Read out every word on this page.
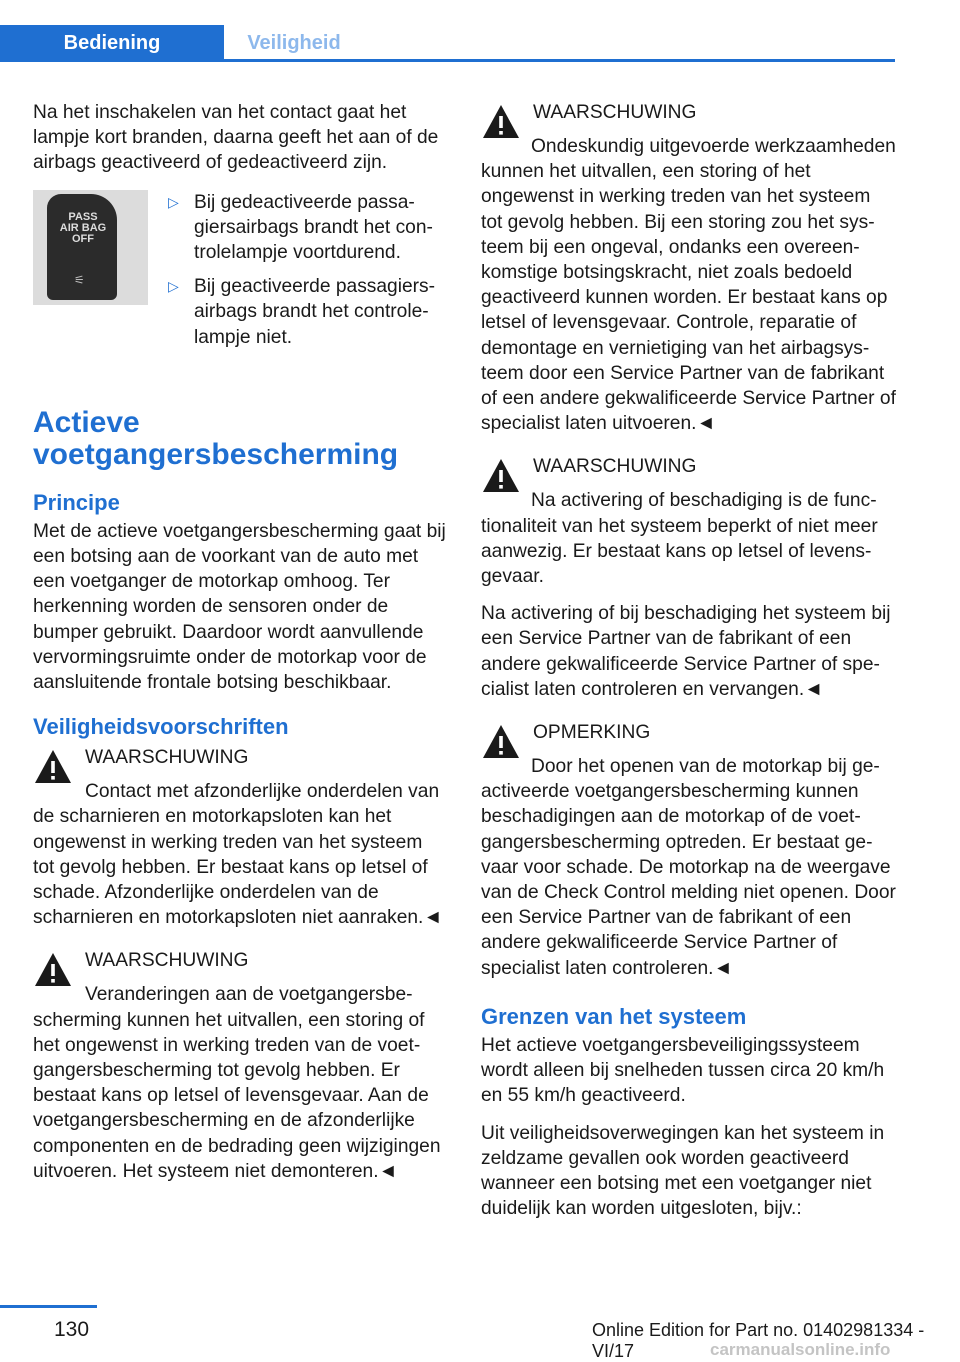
Bediening	Veiligheid

Na het inschakelen van het contact gaat het lampje kort branden, daarna geeft het aan of de airbags geactiveerd of gedeactiveerd zijn.

PASS
AIR BAG
OFF
⚟
▷ Bij gedeactiveerde passagiersairbags brandt het controlelampje voortdurend.
▷ Bij geactiveerde passagiersairbags brandt het controlelampje niet.
Actieve voetgangersbescherming
Principe

Met de actieve voetgangersbescherming gaat bij een botsing aan de voorkant van de auto met een voetganger de motorkap omhoog. Ter herkenning worden de sensoren onder de bumper gebruikt. Daardoor wordt aanvullende vervormingsruimte onder de motorkap voor de aansluitende frontale botsing beschikbaar.

Veiligheidsvoorschriften
WAARSCHUWING
Contact met afzonderlijke onderdelen van de scharnieren en motorkapsloten kan het ongewenst in werking treden van het systeem tot gevolg hebben. Er bestaat kans op letsel of schade. Afzonderlijke onderdelen van de scharnieren en motorkapsloten niet aanraken.◄
WAARSCHUWING
Veranderingen aan de voetgangersbescherming kunnen het uitvallen, een storing of het ongewenst in werking treden van de voetgangersbescherming tot gevolg hebben. Er bestaat kans op letsel of levensgevaar. Aan de voetgangersbescherming en de afzonderlijke componenten en de bedrading geen wijzigingen uitvoeren. Het systeem niet demonteren.◄
WAARSCHUWING
Ondeskundig uitgevoerde werkzaamheden kunnen het uitvallen, een storing of het ongewenst in werking treden van het systeem tot gevolg hebben. Bij een storing zou het systeem bij een ongeval, ondanks een overeenkomstige botsingskracht, niet zoals bedoeld geactiveerd kunnen worden. Er bestaat kans op letsel of levensgevaar. Controle, reparatie of demontage en vernietiging van het airbagsysteem door een Service Partner van de fabrikant of een andere gekwalificeerde Service Partner of specialist laten uitvoeren.◄
WAARSCHUWING
Na activering of beschadiging is de functionaliteit van het systeem beperkt of niet meer aanwezig. Er bestaat kans op letsel of levensgevaar.

Na activering of bij beschadiging het systeem bij een Service Partner van de fabrikant of een andere gekwalificeerde Service Partner of specialist laten controleren en vervangen.◄

OPMERKING
Door het openen van de motorkap bij geactiveerde voetgangersbescherming kunnen beschadigingen aan de motorkap of de voetgangersbescherming optreden. Er bestaat gevaar voor schade. De motorkap na de weergave van de Check Control melding niet openen. Door een Service Partner van de fabrikant of een andere gekwalificeerde Service Partner of specialist laten controleren.◄
Grenzen van het systeem

Het actieve voetgangersbeveiligingssysteem wordt alleen bij snelheden tussen circa 20 km/h en 55 km/h geactiveerd.

Uit veiligheidsoverwegingen kan het systeem in zeldzame gevallen ook worden geactiveerd wanneer een botsing met een voetganger niet duidelijk kan worden uitgesloten, bijv.:

130	Online Edition for Part no. 01402981334 - VI/17	carmanualsonline.info
